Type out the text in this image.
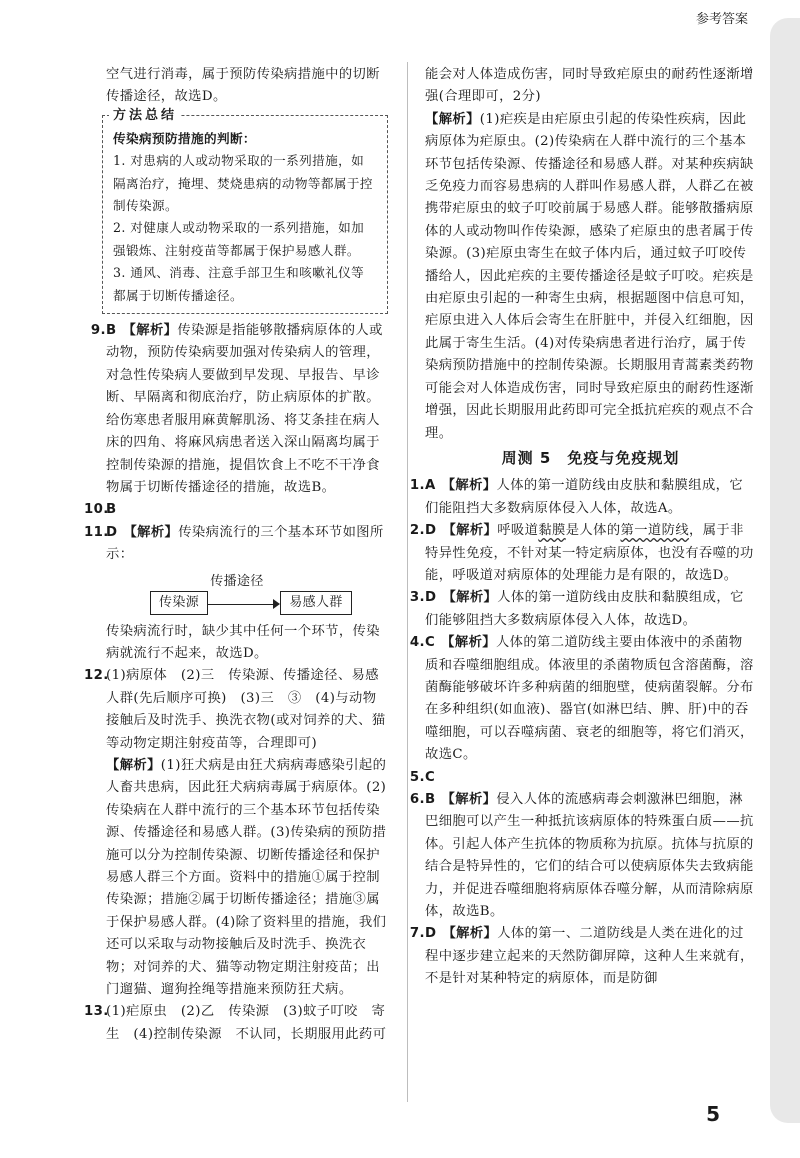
参考答案

空气进行消毒，属于预防传染病措施中的切断传播途径，故选D。

方法总结

传染病预防措施的判断：

1. 对患病的人或动物采取的一系列措施，如隔离治疗，掩埋、焚烧患病的动物等都属于控制传染源。

2. 对健康人或动物采取的一系列措施，如加强锻炼、注射疫苗等都属于保护易感人群。

3. 通风、消毒、注意手部卫生和咳嗽礼仪等都属于切断传播途径。

9. B 【解析】传染源是指能够散播病原体的人或动物，预防传染病要加强对传染病人的管理，对急性传染病人要做到早发现、早报告、早诊断、早隔离和彻底治疗，防止病原体的扩散。给伤寒患者服用麻黄解肌汤、将艾条挂在病人床的四角、将麻风病患者送入深山隔离均属于控制传染源的措施，提倡饮食上不吃不干净食物属于切断传播途径的措施，故选B。
10.
B
11.
D 【解析】传染病流行的三个基本环节如图所示：
传染源
传播途径
易感人群

传染病流行时，缺少其中任何一个环节，传染病就流行不起来，故选D。

12.
(1)病原体　(2)三　传染源、传播途径、易感人群(先后顺序可换)　(3)三　③　(4)与动物接触后及时洗手、换洗衣物(或对饲养的犬、猫等动物定期注射疫苗等，合理即可)

【解析】(1)狂犬病是由狂犬病病毒感染引起的人畜共患病，因此狂犬病病毒属于病原体。(2)传染病在人群中流行的三个基本环节包括传染源、传播途径和易感人群。(3)传染病的预防措施可以分为控制传染源、切断传播途径和保护易感人群三个方面。资料中的措施①属于控制传染源；措施②属于切断传播途径；措施③属于保护易感人群。(4)除了资料里的措施，我们还可以采取与动物接触后及时洗手、换洗衣物；对饲养的犬、猫等动物定期注射疫苗；出门遛猫、遛狗拴绳等措施来预防狂犬病。

13.
(1)疟原虫　(2)乙　传染源　(3)蚊子叮咬　寄生　(4)控制传染源　不认同，长期服用此药可

能会对人体造成伤害，同时导致疟原虫的耐药性逐渐增强(合理即可，2分)

【解析】(1)疟疾是由疟原虫引起的传染性疾病，因此病原体为疟原虫。(2)传染病在人群中流行的三个基本环节包括传染源、传播途径和易感人群。对某种疾病缺乏免疫力而容易患病的人群叫作易感人群，人群乙在被携带疟原虫的蚊子叮咬前属于易感人群。能够散播病原体的人或动物叫作传染源，感染了疟原虫的患者属于传染源。(3)疟原虫寄生在蚊子体内后，通过蚊子叮咬传播给人，因此疟疾的主要传播途径是蚊子叮咬。疟疾是由疟原虫引起的一种寄生虫病，根据题图中信息可知，疟原虫进入人体后会寄生在肝脏中，并侵入红细胞，因此属于寄生生活。(4)对传染病患者进行治疗，属于传染病预防措施中的控制传染源。长期服用青蒿素类药物可能会对人体造成伤害，同时导致疟原虫的耐药性逐渐增强，因此长期服用此药即可完全抵抗疟疾的观点不合理。

周测 5　免疫与免疫规划
1. A 【解析】人体的第一道防线由皮肤和黏膜组成，它们能阻挡大多数病原体侵入人体，故选A。
2. D 【解析】呼吸道黏膜是人体的第一道防线，属于非特异性免疫，不针对某一特定病原体，也没有吞噬的功能，呼吸道对病原体的处理能力是有限的，故选D。
3. D 【解析】人体的第一道防线由皮肤和黏膜组成，它们能够阻挡大多数病原体侵入人体，故选D。
4. C 【解析】人体的第二道防线主要由体液中的杀菌物质和吞噬细胞组成。体液里的杀菌物质包含溶菌酶，溶菌酶能够破坏许多种病菌的细胞壁，使病菌裂解。分布在多种组织(如血液)、器官(如淋巴结、脾、肝)中的吞噬细胞，可以吞噬病菌、衰老的细胞等，将它们消灭，故选C。
5. C
6. B 【解析】侵入人体的流感病毒会刺激淋巴细胞，淋巴细胞可以产生一种抵抗该病原体的特殊蛋白质——抗体。引起人体产生抗体的物质称为抗原。抗体与抗原的结合是特异性的，它们的结合可以使病原体失去致病能力，并促进吞噬细胞将病原体吞噬分解，从而清除病原体，故选B。
7. D 【解析】人体的第一、二道防线是人类在进化的过程中逐步建立起来的天然防御屏障，这种人生来就有，不是针对某种特定的病原体，而是防御
5
